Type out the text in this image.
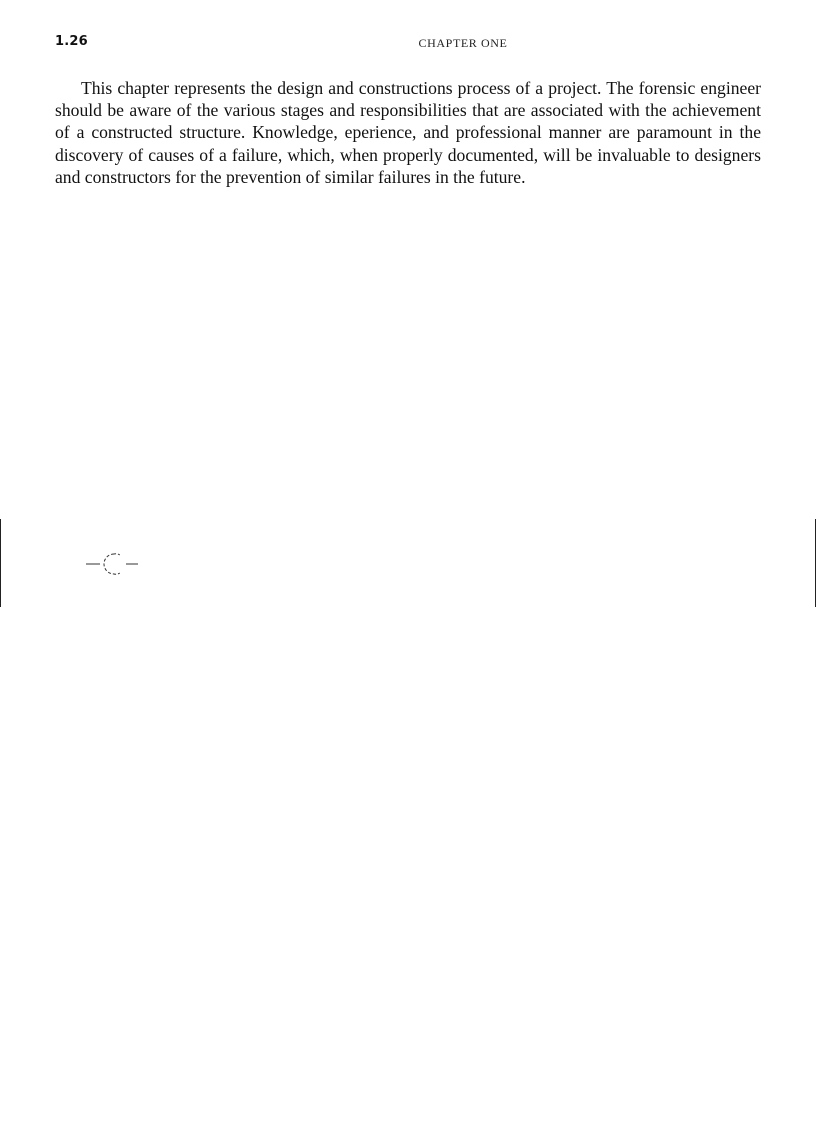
1.26	CHAPTER ONE

This chapter represents the design and constructions process of a project. The forensic engineer should be aware of the various stages and responsibilities that are associated with the achievement of a constructed structure. Knowledge, eperience, and professional manner are paramount in the discovery of causes of a failure, which, when properly documented, will be invaluable to designers and constructors for the prevention of similar failures in the future.
